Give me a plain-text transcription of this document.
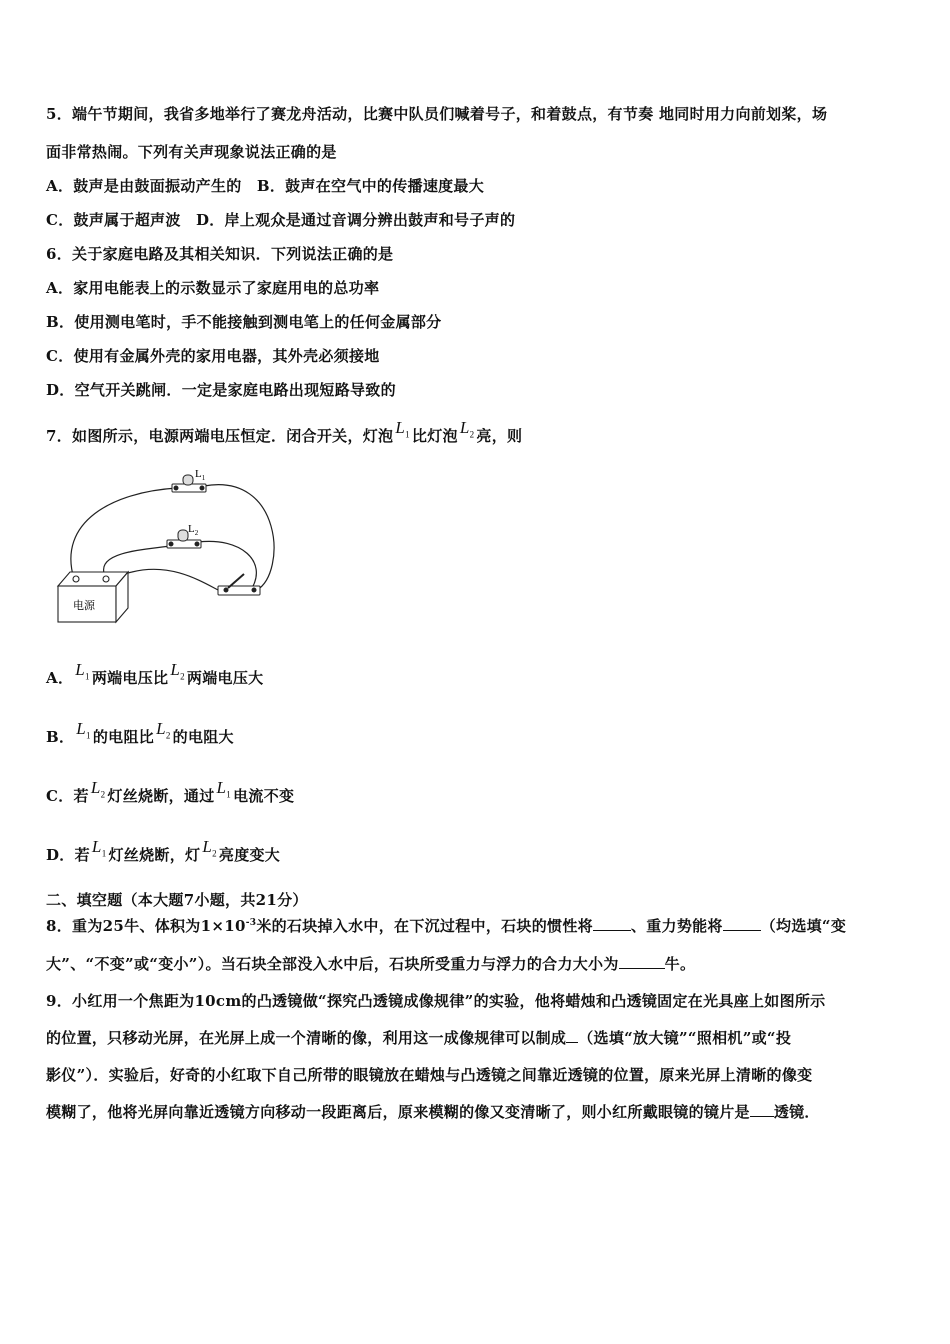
5．端午节期间，我省多地举行了赛龙舟活动，比赛中队员们喊着号子，和着鼓点，有节奏 地同时用力向前划桨，场
面非常热闹。下列有关声现象说法正确的是
A．鼓声是由鼓面振动产生的　B．鼓声在空气中的传播速度最大
C．鼓声属于超声波　D．岸上观众是通过音调分辨出鼓声和号子声的
6．关于家庭电路及其相关知识．下列说法正确的是
A．家用电能表上的示数显示了家庭用电的总功率
B．使用测电笔时，手不能接触到测电笔上的任何金属部分
C．使用有金属外壳的家用电器，其外壳必须接地
D．空气开关跳闸．一定是家庭电路出现短路导致的
7．如图所示，电源两端电压恒定．闭合开关，灯泡 $L_1$ 比灯泡 $L_2$ 亮，则
$L_1$
$L_2$
电源
A． $L_1$ 两端电压比 $L_2$ 两端电压大
B． $L_1$ 的电阻比 $L_2$ 的电阻大
C．若 $L_2$ 灯丝烧断，通过 $L_1$ 电流不变
D．若 $L_1$ 灯丝烧断，灯 $L_2$ 亮度变大
二、填空题（本大题7小题，共21分）
8．重为25牛、体积为$1\times 10^{-3}$米的石块掉入水中，在下沉过程中，石块的惯性将	、重力势能将	（均选填“变
大”、“不变”或“变小”）。当石块全部没入水中后，石块所受重力与浮力的合力大小为	牛。
9．小红用一个焦距为10cm的凸透镜做“探究凸透镜成像规律”的实验，他将蜡烛和凸透镜固定在光具座上如图所示
的位置，只移动光屏，在光屏上成一个清晰的像，利用这一成像规律可以制成 （选填“放大镜”“照相机”或“投
影仪”）．实验后，好奇的小红取下自己所带的眼镜放在蜡烛与凸透镜之间靠近透镜的位置，原来光屏上清晰的像变
模糊了，他将光屏向靠近透镜方向移动一段距离后，原来模糊的像又变清晰了，则小红所戴眼镜的镜片是 透镜．
